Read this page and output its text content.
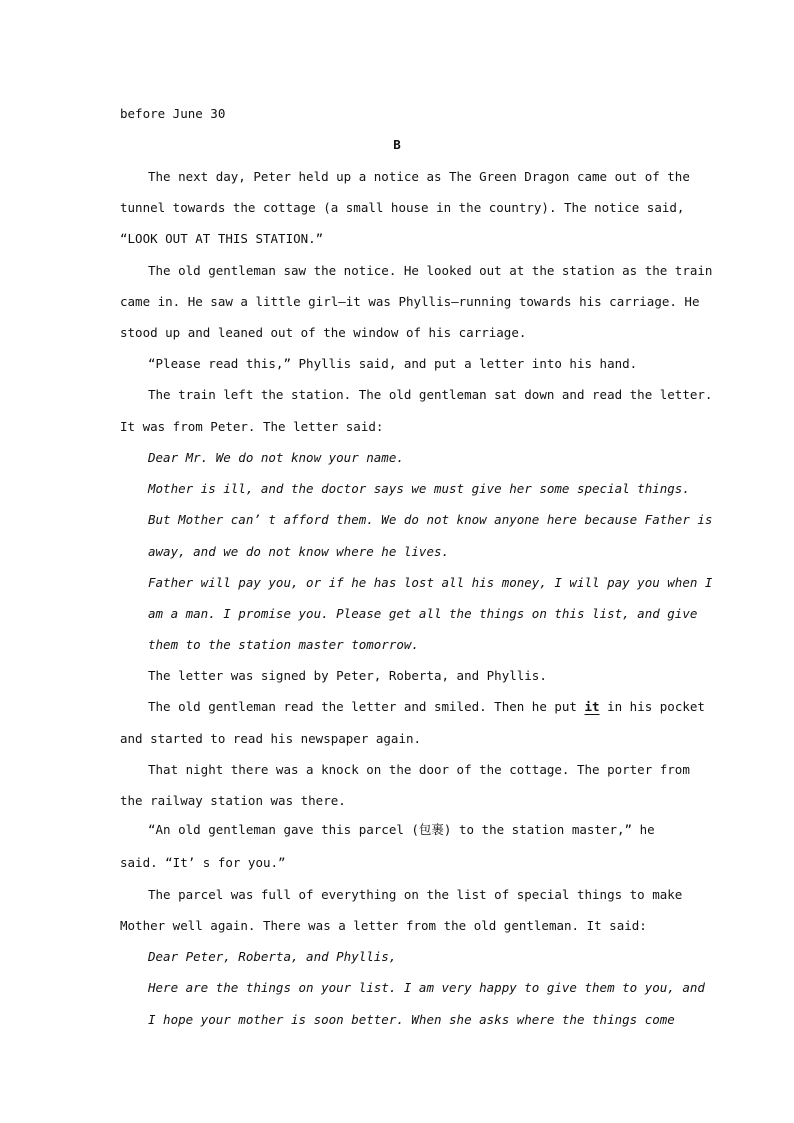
before June 30

B

The next day, Peter held up a notice as The Green Dragon came out of the

tunnel towards the cottage (a small house in the country). The notice said,

“LOOK OUT AT THIS STATION.”

The old gentleman saw the notice. He looked out at the station as the train

came in. He saw a little girl—it was Phyllis—running towards his carriage. He

stood up and leaned out of the window of his carriage.

“Please read this,” Phyllis said, and put a letter into his hand.

The train left the station. The old gentleman sat down and read the letter.

It was from Peter. The letter said:

Dear Mr. We do not know your name.

Mother is ill, and the doctor says we must give her some special things.

But Mother can’ t afford them. We do not know anyone here because Father is

away, and we do not know where he lives.

Father will pay you, or if he has lost all his money, I will pay you when I

am a man. I promise you. Please get all the things on this list, and give

them to the station master tomorrow.

The letter was signed by Peter, Roberta, and Phyllis.

The old gentleman read the letter and smiled. Then he put it in his pocket

and started to read his newspaper again.

That night there was a knock on the door of the cottage. The porter from

the railway station was there.

“An old gentleman gave this parcel (包裹) to the station master,” he

said. “It’ s for you.”

The parcel was full of everything on the list of special things to make

Mother well again. There was a letter from the old gentleman. It said:

Dear Peter, Roberta, and Phyllis,

Here are the things on your list. I am very happy to give them to you, and

I hope your mother is soon better. When she asks where the things come
